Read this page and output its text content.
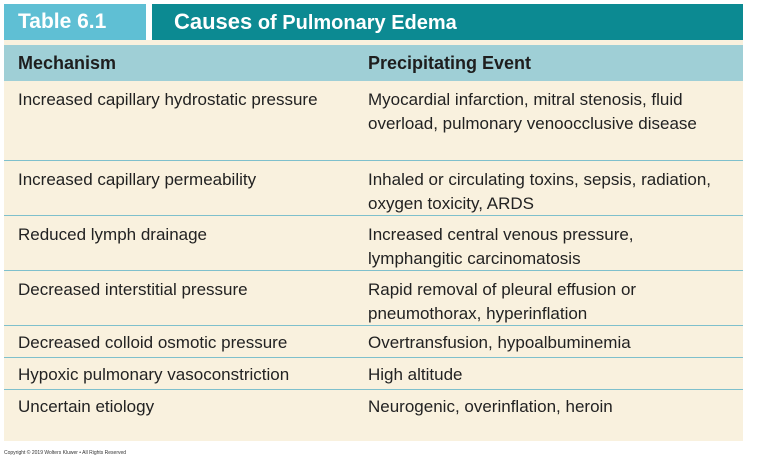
Table 6.1	Causes of Pulmonary Edema
Mechanism	Precipitating Event
Increased capillary hydrostatic pressure	Myocardial infarction, mitral stenosis, fluid overload, pulmonary venoocclusive disease
Increased capillary permeability	Inhaled or circulating toxins, sepsis, radiation, oxygen toxicity, ARDS
Reduced lymph drainage	Increased central venous pressure, lymphangitic carcinomatosis
Decreased interstitial pressure	Rapid removal of pleural effusion or pneumothorax, hyperinflation
Decreased colloid osmotic pressure	Overtransfusion, hypoalbuminemia
Hypoxic pulmonary vasoconstriction	High altitude
Uncertain etiology	Neurogenic, overinflation, heroin
Copyright © 2019 Wolters Kluwer • All Rights Reserved
